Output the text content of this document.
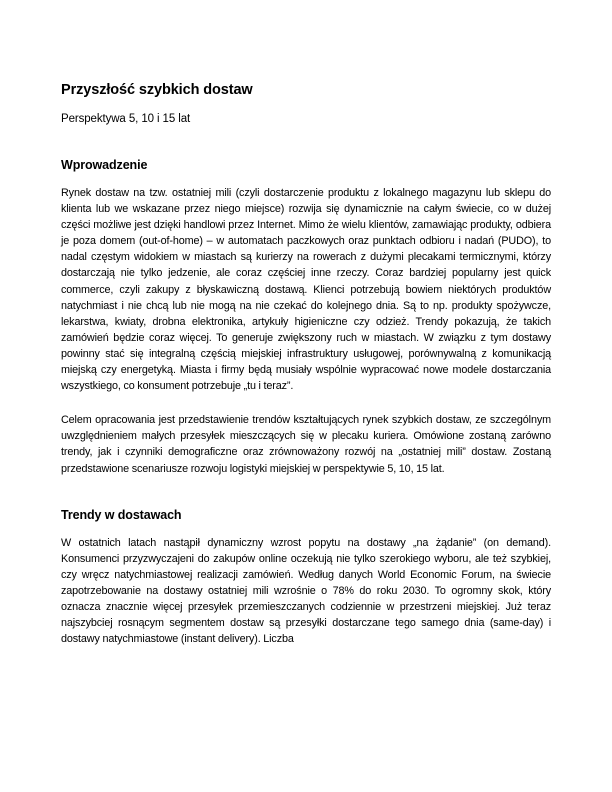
Przyszłość szybkich dostaw

Perspektywa 5, 10 i 15 lat

Wprowadzenie

Rynek dostaw na tzw. ostatniej mili (czyli dostarczenie produktu z lokalnego magazynu lub sklepu do klienta lub we wskazane przez niego miejsce) rozwija się dynamicznie na całym świecie, co w dużej części możliwe jest dzięki handlowi przez Internet. Mimo że wielu klientów, zamawiając produkty, odbiera je poza domem (out-of-home) – w automatach paczkowych oraz punktach odbioru i nadań (PUDO), to nadal częstym widokiem w miastach są kurierzy na rowerach z dużymi plecakami termicznymi, którzy dostarczają nie tylko jedzenie, ale coraz częściej inne rzeczy. Coraz bardziej popularny jest quick commerce, czyli zakupy z błyskawiczną dostawą. Klienci potrzebują bowiem niektórych produktów natychmiast i nie chcą lub nie mogą na nie czekać do kolejnego dnia. Są to np. produkty spożywcze, lekarstwa, kwiaty, drobna elektronika, artykuły higieniczne czy odzież. Trendy pokazują, że takich zamówień będzie coraz więcej. To generuje zwiększony ruch w miastach. W związku z tym dostawy powinny stać się integralną częścią miejskiej infrastruktury usługowej, porównywalną z komunikacją miejską czy energetyką. Miasta i firmy będą musiały wspólnie wypracować nowe modele dostarczania wszystkiego, co konsument potrzebuje „tu i teraz”.

Celem opracowania jest przedstawienie trendów kształtujących rynek szybkich dostaw, ze szczególnym uwzględnieniem małych przesyłek mieszczących się w plecaku kuriera. Omówione zostaną zarówno trendy, jak i czynniki demograficzne oraz zrównoważony rozwój na „ostatniej mili” dostaw. Zostaną przedstawione scenariusze rozwoju logistyki miejskiej w perspektywie 5, 10, 15 lat.

Trendy w dostawach

W ostatnich latach nastąpił dynamiczny wzrost popytu na dostawy „na żądanie” (on demand). Konsumenci przyzwyczajeni do zakupów online oczekują nie tylko szerokiego wyboru, ale też szybkiej, czy wręcz natychmiastowej realizacji zamówień. Według danych World Economic Forum, na świecie zapotrzebowanie na dostawy ostatniej mili wzrośnie o 78% do roku 2030. To ogromny skok, który oznacza znacznie więcej przesyłek przemieszczanych codziennie w przestrzeni miejskiej. Już teraz najszybciej rosnącym segmentem dostaw są przesyłki dostarczane tego samego dnia (same-day) i dostawy natychmiastowe (instant delivery). Liczba
